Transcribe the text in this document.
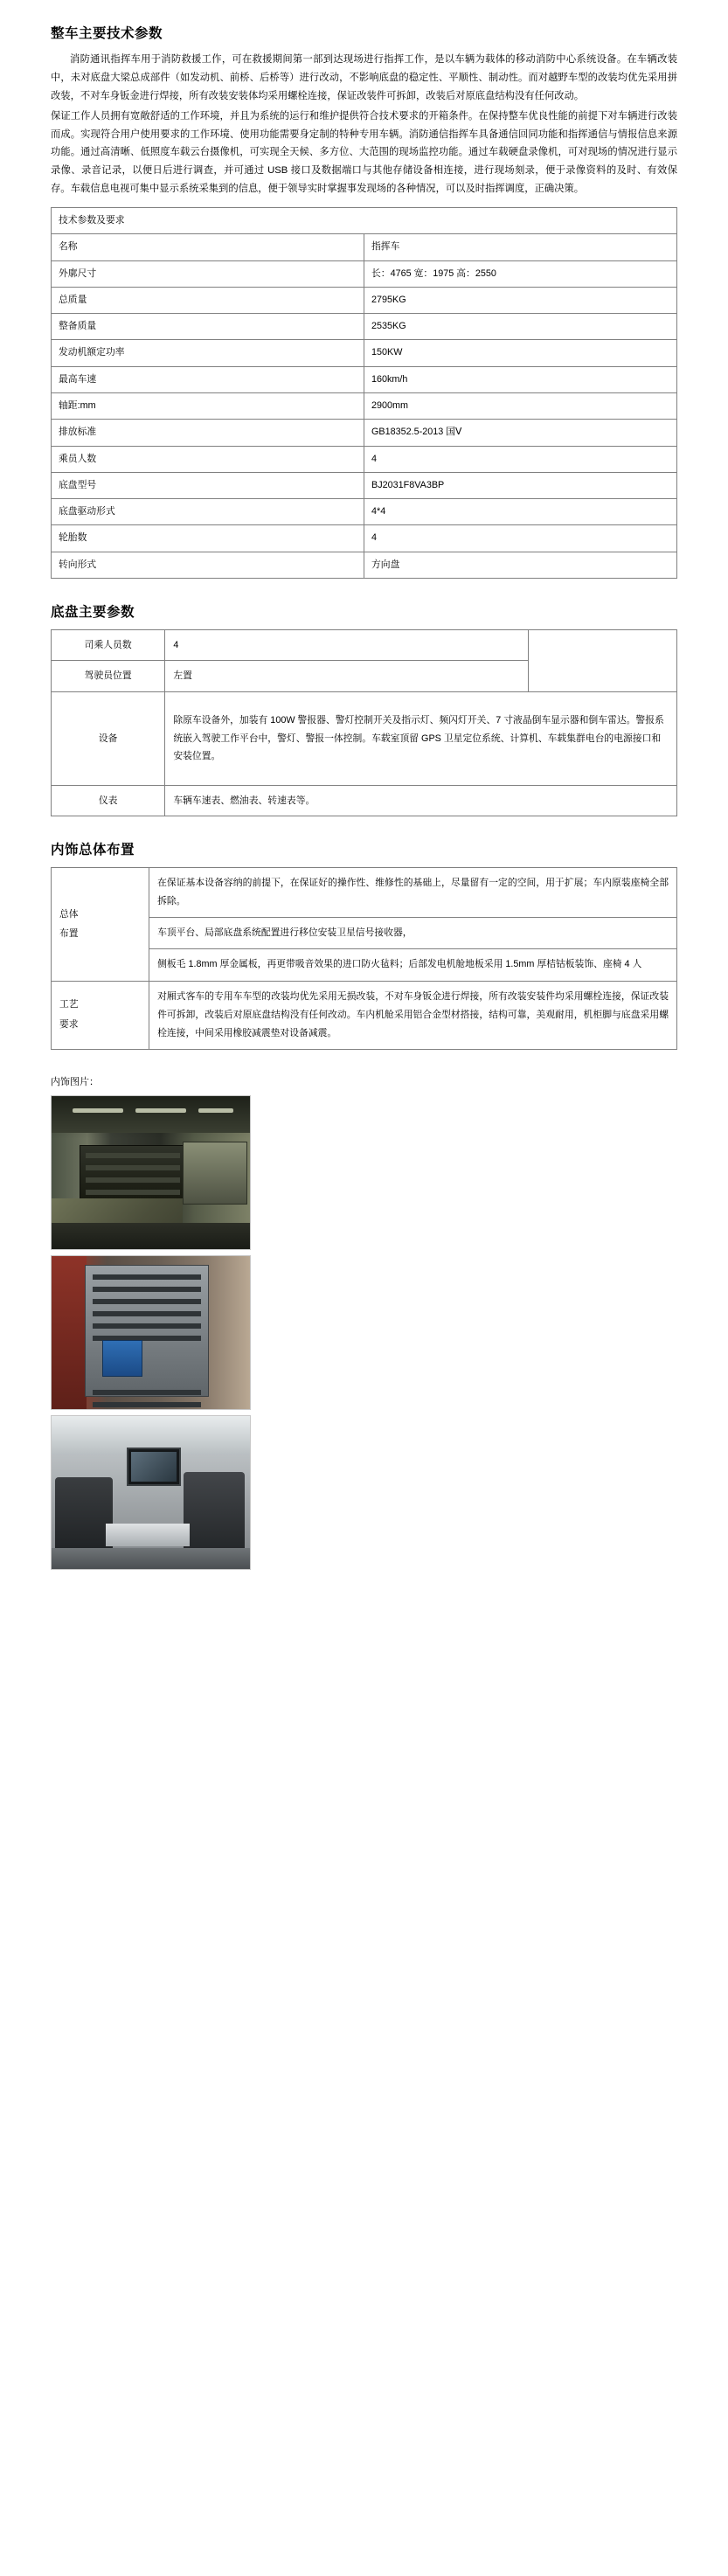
整车主要技术参数

消防通讯指挥车用于消防救援工作，可在救援期间第一部到达现场进行指挥工作，是以车辆为载体的移动消防中心系统设备。在车辆改装中，未对底盘大梁总成部件（如发动机、前桥、后桥等）进行改动，不影响底盘的稳定性、平顺性、制动性。而对越野车型的改装均优先采用拼改装，不对车身钣金进行焊接，所有改装安装体均采用螺栓连接，保证改装件可拆卸，改装后对原底盘结构没有任何改动。

保证工作人员拥有宽敞舒适的工作环境，并且为系统的运行和维护提供符合技术要求的开箱条件。在保持整车优良性能的前提下对车辆进行改装而成。实现符合用户使用要求的工作环境、使用功能需要身定制的特种专用车辆。消防通信指挥车具备通信回同功能和指挥通信与情报信息来源功能。通过高清晰、低照度车载云台摄像机，可实现全天候、多方位、大范围的现场监控功能。通过车载硬盘录像机，可对现场的情况进行显示录像、录音记录，以便日后进行调查，并可通过 USB 接口及数据端口与其他存储设备相连接，进行现场刻录，便于录像资料的及时、有效保存。车载信息电视可集中显示系统采集到的信息，便于领导实时掌握事发现场的各种情况，可以及时指挥调度，正确决策。

技术参数及要求	
名称	指挥车
外廓尺寸	长：4765 宽：1975 高：2550
总质量	2795KG
整备质量	2535KG
发动机额定功率	150KW
最高车速	160km/h
轴距:mm	2900mm
排放标准	GB18352.5-2013 国Ⅴ
乘员人数	4
底盘型号	BJ2031F8VA3BP
底盘驱动形式	4*4
轮胎数	4
转向形式	方向盘
底盘主要参数
司乘人员数	4	
驾驶员位置	左置	
设备	除原车设备外，加装有 100W 警报器、警灯控制开关及指示灯、频闪灯开关、7 寸液晶倒车显示器和倒车雷达。警报系统嵌入驾驶工作平台中，警灯、警报一体控制。车载室顶留 GPS 卫星定位系统、计算机、车载集群电台的电源接口和安装位置。	
仪表	车辆车速表、燃油表、转速表等。	
内饰总体布置
总体
布置	在保证基本设备容纳的前提下，在保证好的操作性、维修性的基础上，尽量留有一定的空间，用于扩展；车内原装座椅全部拆除。
	车顶平台、局部底盘系统配置进行移位安装卫星信号接收器，
	侧板毛 1.8mm 厚金属板，再更带吸音效果的进口防火毡料；后部发电机舱地板采用 1.5mm 厚桔钴板装饰、座椅 4 人

工艺
要求	对厢式客车的专用车车型的改装均优先采用无损改装，不对车身钣金进行焊接，所有改装安装件均采用螺栓连接，保证改装件可拆卸，改装后对原底盘结构没有任何改动。车内机舱采用铝合金型材搭接，结构可靠，美观耐用，机柜脚与底盘采用螺栓连接，中间采用橡胶减震垫对设备减震。
内饰图片：
